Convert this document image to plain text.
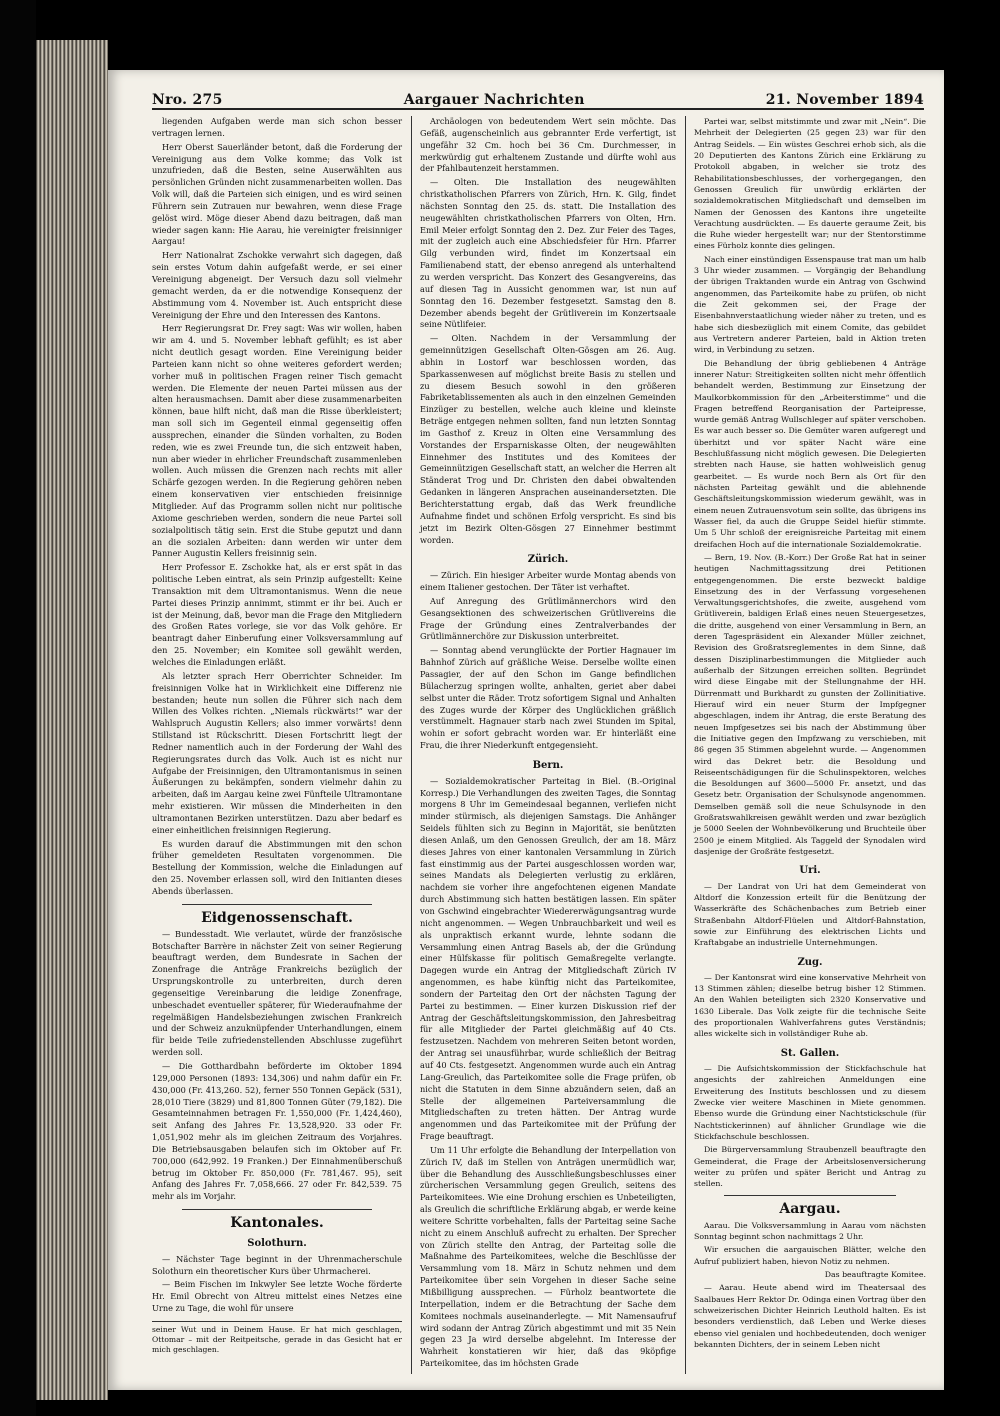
Nro. 275	Aargauer Nachrichten	21. November 1894

liegenden Aufgaben werde man sich schon besser vertragen lernen.

Herr Oberst Sauerländer betont, daß die Forderung der Vereinigung aus dem Volke komme; das Volk ist unzufrieden, daß die Besten, seine Auserwählten aus persönlichen Gründen nicht zusammenarbeiten wollen. Das Volk will, daß die Parteien sich einigen, und es wird seinen Führern sein Zutrauen nur bewahren, wenn diese Frage gelöst wird. Möge dieser Abend dazu beitragen, daß man wieder sagen kann: Hie Aarau, hie vereinigter freisinniger Aargau!

Herr Nationalrat Zschokke verwahrt sich dagegen, daß sein erstes Votum dahin aufgefaßt werde, er sei einer Vereinigung abgeneigt. Der Versuch dazu soll vielmehr gemacht werden, da er die notwendige Konsequenz der Abstimmung vom 4. November ist. Auch entspricht diese Vereinigung der Ehre und den Interessen des Kantons.

Herr Regierungsrat Dr. Frey sagt: Was wir wollen, haben wir am 4. und 5. November lebhaft gefühlt; es ist aber nicht deutlich gesagt worden. Eine Vereinigung beider Parteien kann nicht so ohne weiteres gefordert werden; vorher muß in politischen Fragen reiner Tisch gemacht werden. Die Elemente der neuen Partei müssen aus der alten herausmachsen. Damit aber diese zusammenarbeiten können, baue hilft nicht, daß man die Risse überkleistert; man soll sich im Gegenteil einmal gegenseitig offen aussprechen, einander die Sünden vorhalten, zu Boden reden, wie es zwei Freunde tun, die sich entzweit haben, nun aber wieder in ehrlicher Freundschaft zusammenleben wollen. Auch müssen die Grenzen nach rechts mit aller Schärfe gezogen werden. In die Regierung gehören neben einem konservativen vier entschieden freisinnige Mitglieder. Auf das Programm sollen nicht nur politische Axiome geschrieben werden, sondern die neue Partei soll sozialpolitisch tätig sein. Erst die Stube geputzt und dann an die sozialen Arbeiten: dann werden wir unter dem Panner Augustin Kellers freisinnig sein.

Herr Professor E. Zschokke hat, als er erst spät in das politische Leben eintrat, als sein Prinzip aufgestellt: Keine Transaktion mit dem Ultramontanismus. Wenn die neue Partei dieses Prinzip annimmt, stimmt er ihr bei. Auch er ist der Meinung, daß, bevor man die Frage den Mitgliedern des Großen Rates vorlege, sie vor das Volk gehöre. Er beantragt daher Einberufung einer Volksversammlung auf den 25. November; ein Komitee soll gewählt werden, welches die Einladungen erläßt.

Als letzter sprach Herr Oberrichter Schneider. Im freisinnigen Volke hat in Wirklichkeit eine Differenz nie bestanden; heute nun sollen die Führer sich nach dem Willen des Volkes richten. „Niemals rückwärts!“ war der Wahlspruch Augustin Kellers; also immer vorwärts! denn Stillstand ist Rückschritt. Diesen Fortschritt liegt der Redner namentlich auch in der Forderung der Wahl des Regierungsrates durch das Volk. Auch ist es nicht nur Aufgabe der Freisinnigen, den Ultramontanismus in seinen Äußerungen zu bekämpfen, sondern vielmehr dahin zu arbeiten, daß im Aargau keine zwei Fünfteile Ultramontane mehr existieren. Wir müssen die Minderheiten in den ultramontanen Bezirken unterstützen. Dazu aber bedarf es einer einheitlichen freisinnigen Regierung.

Es wurden darauf die Abstimmungen mit den schon früher gemeldeten Resultaten vorgenommen. Die Bestellung der Kommission, welche die Einladungen auf den 25. November erlassen soll, wird den Initianten dieses Abends überlassen.

Eidgenossenschaft.

— Bundesstadt. Wie verlautet, würde der französische Botschafter Barrère in nächster Zeit von seiner Regierung beauftragt werden, dem Bundesrate in Sachen der Zonenfrage die Anträge Frankreichs bezüglich der Ursprungskontrolle zu unterbreiten, durch deren gegenseitige Vereinbarung die leidige Zonenfrage, unbeschadet eventueller späterer, für Wiederaufnahme der regelmäßigen Handelsbeziehungen zwischen Frankreich und der Schweiz anzuknüpfender Unterhandlungen, einem für beide Teile zufriedenstellenden Abschlusse zugeführt werden soll.

— Die Gotthardbahn beförderte im Oktober 1894 129,000 Personen (1893: 134,306) und nahm dafür ein Fr. 430,000 (Fr. 413,260. 52), ferner 550 Tonnen Gepäck (531), 28,010 Tiere (3829) und 81,800 Tonnen Güter (79,182). Die Gesamteinnahmen betragen Fr. 1,550,000 (Fr. 1,424,460), seit Anfang des Jahres Fr. 13,528,920. 33 oder Fr. 1,051,902 mehr als im gleichen Zeitraum des Vorjahres. Die Betriebsausgaben belaufen sich im Oktober auf Fr. 700,000 (642,992. 19 Franken.) Der Einnahmenüberschuß betrug im Oktober Fr. 850,000 (Fr. 781,467. 95), seit Anfang des Jahres Fr. 7,058,666. 27 oder Fr. 842,539. 75 mehr als im Vorjahr.

Kantonales.
Solothurn.

— Nächster Tage beginnt in der Uhrenmacherschule Solothurn ein theoretischer Kurs über Uhrmacherei.

— Beim Fischen im Inkwyler See letzte Woche förderte Hr. Emil Obrecht von Altreu mittelst eines Netzes eine Urne zu Tage, die wohl für unsere

seiner Wut und in Deinem Hause. Er hat mich geschlagen, Ottomar – mit der Reitpeitsche, gerade in das Gesicht hat er mich geschlagen.

Archäologen von bedeutendem Wert sein möchte. Das Gefäß, augenscheinlich aus gebrannter Erde verfertigt, ist ungefähr 32 Cm. hoch bei 36 Cm. Durchmesser, in merkwürdig gut erhaltenem Zustande und dürfte wohl aus der Pfahlbautenzeit herstammen.

— Olten. Die Installation des neugewählten christkatholischen Pfarrers von Zürich, Hrn. K. Gilg, findet nächsten Sonntag den 25. ds. statt. Die Installation des neugewählten christkatholischen Pfarrers von Olten, Hrn. Emil Meier erfolgt Sonntag den 2. Dez. Zur Feier des Tages, mit der zugleich auch eine Abschiedsfeier für Hrn. Pfarrer Gilg verbunden wird, findet im Konzertsaal ein Familienabend statt, der ebenso anregend als unterhaltend zu werden verspricht. Das Konzert des Gesangvereins, das auf diesen Tag in Aussicht genommen war, ist nun auf Sonntag den 16. Dezember festgesetzt. Samstag den 8. Dezember abends begeht der Grütliverein im Konzertsaale seine Nütlifeier.

— Olten. Nachdem in der Versammlung der gemeinnützigen Gesellschaft Olten-Gösgen am 26. Aug. abhin in Lostorf war beschlossen worden, das Sparkassenwesen auf möglichst breite Basis zu stellen und zu diesem Besuch sowohl in den größeren Fabriketablissementen als auch in den einzelnen Gemeinden Einzüger zu bestellen, welche auch kleine und kleinste Beträge entgegen nehmen sollten, fand nun letzten Sonntag im Gasthof z. Kreuz in Olten eine Versammlung des Vorstandes der Ersparniskasse Olten, der neugewählten Einnehmer des Institutes und des Komitees der Gemeinnützigen Gesellschaft statt, an welcher die Herren alt Ständerat Trog und Dr. Christen den dabei obwaltenden Gedanken in längeren Ansprachen auseinandersetzten. Die Berichterstattung ergab, daß das Werk freundliche Aufnahme findet und schönen Erfolg verspricht. Es sind bis jetzt im Bezirk Olten-Gösgen 27 Einnehmer bestimmt worden.

Zürich.

— Zürich. Ein hiesiger Arbeiter wurde Montag abends von einem Italiener gestochen. Der Täter ist verhaftet.

Auf Anregung des Grütlimännerchors wird den Gesangsektionen des schweizerischen Grütlivereins die Frage der Gründung eines Zentralverbandes der Grütlimännerchöre zur Diskussion unterbreitet.

— Sonntag abend verunglückte der Portier Hagnauer im Bahnhof Zürich auf gräßliche Weise. Derselbe wollte einen Passagier, der auf den Schon im Gange befindlichen Bülacherzug springen wollte, anhalten, geriet aber dabei selbst unter die Räder. Trotz sofortigem Signal und Anhalten des Zuges wurde der Körper des Unglücklichen gräßlich verstümmelt. Hagnauer starb nach zwei Stunden im Spital, wohin er sofort gebracht worden war. Er hinterläßt eine Frau, die ihrer Niederkunft entgegensieht.

Bern.

— Sozialdemokratischer Parteitag in Biel. (B.-Original Korresp.) Die Verhandlungen des zweiten Tages, die Sonntag morgens 8 Uhr im Gemeindesaal begannen, verliefen nicht minder stürmisch, als diejenigen Samstags. Die Anhänger Seidels fühlten sich zu Beginn in Majorität, sie benützten diesen Anlaß, um den Genossen Greulich, der am 18. März dieses Jahres von einer kantonalen Versammlung in Zürich fast einstimmig aus der Partei ausgeschlossen worden war, seines Mandats als Delegierten verlustig zu erklären, nachdem sie vorher ihre angefochtenen eigenen Mandate durch Abstimmung sich hatten bestätigen lassen. Ein später von Gschwind eingebrachter Wiedererwägungsantrag wurde nicht angenommen. — Wegen Unbrauchbarkeit und weil es als unpraktisch erkannt wurde, lehnte sodann die Versammlung einen Antrag Basels ab, der die Gründung einer Hülfskasse für politisch Gemaßregelte verlangte. Dagegen wurde ein Antrag der Mitgliedschaft Zürich IV angenommen, es habe künftig nicht das Parteikomitee, sondern der Parteitag den Ort der nächsten Tagung der Partei zu bestimmen. — Einer kurzen Diskussion rief der Antrag der Geschäftsleitungskommission, den Jahresbeitrag für alle Mitglieder der Partei gleichmäßig auf 40 Cts. festzusetzen. Nachdem von mehreren Seiten betont worden, der Antrag sei unausführbar, wurde schließlich der Beitrag auf 40 Cts. festgesetzt. Angenommen wurde auch ein Antrag Lang-Greulich, das Parteikomitee solle die Frage prüfen, ob nicht die Statuten in dem Sinne abzuändern seien, daß an Stelle der allgemeinen Parteiversammlung die Mitgliedschaften zu treten hätten. Der Antrag wurde angenommen und das Parteikomitee mit der Prüfung der Frage beauftragt.

Um 11 Uhr erfolgte die Behandlung der Interpellation von Zürich IV, daß im Stellen von Anträgen unermüdlich war, über die Behandlung des Ausschließungsbeschlusses einer zürcherischen Versammlung gegen Greulich, seitens des Parteikomitees. Wie eine Drohung erschien es Unbeteiligten, als Greulich die schriftliche Erklärung abgab, er werde keine weitere Schritte vorbehalten, falls der Parteitag seine Sache nicht zu einem Anschluß aufrecht zu erhalten. Der Sprecher von Zürich stellte den Antrag, der Parteitag solle die Maßnahme des Parteikomitees, welche die Beschlüsse der Versammlung vom 18. März in Schutz nehmen und dem Parteikomitee über sein Vorgehen in dieser Sache seine Mißbilligung aussprechen. — Fürholz beantwortete die Interpellation, indem er die Betrachtung der Sache dem Komitees nochmals auseinanderlegte. — Mit Namensaufruf wird sodann der Antrag Zürich abgestimmt und mit 35 Nein gegen 23 Ja wird derselbe abgelehnt. Im Interesse der Wahrheit konstatieren wir hier, daß das 9köpfige Parteikomitee, das im höchsten Grade

Partei war, selbst mitstimmte und zwar mit „Nein“. Die Mehrheit der Delegierten (25 gegen 23) war für den Antrag Seidels. — Ein wüstes Geschrei erhob sich, als die 20 Deputierten des Kantons Zürich eine Erklärung zu Protokoll abgaben, in welcher sie trotz des Rehabilitationsbeschlusses, der vorhergegangen, den Genossen Greulich für unwürdig erklärten der sozialdemokratischen Mitgliedschaft und demselben im Namen der Genossen des Kantons ihre ungeteilte Verachtung ausdrückten. — Es dauerte geraume Zeit, bis die Ruhe wieder hergestellt war; nur der Stentorstimme eines Fürholz konnte dies gelingen.

Nach einer einstündigen Essenspause trat man um halb 3 Uhr wieder zusammen. — Vorgängig der Behandlung der übrigen Traktanden wurde ein Antrag von Gschwind angenommen, das Parteikomite habe zu prüfen, ob nicht die Zeit gekommen sei, der Frage der Eisenbahnverstaatlichung wieder näher zu treten, und es habe sich diesbezüglich mit einem Comite, das gebildet aus Vertretern anderer Parteien, bald in Aktion treten wird, in Verbindung zu setzen.

Die Behandlung der übrig gebliebenen 4 Anträge innerer Natur: Streitigkeiten sollten nicht mehr öffentlich behandelt werden, Bestimmung zur Einsetzung der Maulkorbkommission für den „Arbeiterstimme“ und die Fragen betreffend Reorganisation der Parteipresse, wurde gemäß Antrag Wullschleger auf später verschoben. Es war auch besser so. Die Gemüter waren aufgeregt und überhitzt und vor später Nacht wäre eine Beschlußfassung nicht möglich gewesen. Die Delegierten strebten nach Hause, sie hatten wohlweislich genug gearbeitet. — Es wurde noch Bern als Ort für den nächsten Parteitag gewählt und die ablehnende Geschäftsleitungskommission wiederum gewählt, was in einem neuen Zutrauensvotum sein sollte, das übrigens ins Wasser fiel, da auch die Gruppe Seidel hiefür stimmte. Um 5 Uhr schloß der ereignisreiche Parteitag mit einem dreifachen Hoch auf die internationale Sozialdemokratie.

— Bern, 19. Nov. (B.-Korr.) Der Große Rat hat in seiner heutigen Nachmittagssitzung drei Petitionen entgegengenommen. Die erste bezweckt baldige Einsetzung des in der Verfassung vorgesehenen Verwaltungsgerichtshofes, die zweite, ausgehend vom Grütliverein, baldigen Erlaß eines neuen Steuergesetzes, die dritte, ausgehend von einer Versammlung in Bern, an deren Tagespräsident ein Alexander Müller zeichnet, Revision des Großratsreglementes in dem Sinne, daß dessen Disziplinarbestimmungen die Mitglieder auch außerhalb der Sitzungen erreichen sollten. Begründet wird diese Eingabe mit der Stellungnahme der HH. Dürrenmatt und Burkhardt zu gunsten der Zollinitiative. Hierauf wird ein neuer Sturm der Impfgegner abgeschlagen, indem ihr Antrag, die erste Beratung des neuen Impfgesetzes sei bis nach der Abstimmung über die Initiative gegen den Impfzwang zu verschieben, mit 86 gegen 35 Stimmen abgelehnt wurde. — Angenommen wird das Dekret betr. die Besoldung und Reiseentschädigungen für die Schulinspektoren, welches die Besoldungen auf 3600—5000 Fr. ansetzt, und das Gesetz betr. Organisation der Schulsynode angenommen. Demselben gemäß soll die neue Schulsynode in den Großratswahlkreisen gewählt werden und zwar bezüglich je 5000 Seelen der Wohnbevölkerung und Bruchteile über 2500 je einem Mitglied. Als Taggeld der Synodalen wird dasjenige der Großräte festgesetzt.

Uri.

— Der Landrat von Uri hat dem Gemeinderat von Altdorf die Konzession erteilt für die Benützung der Wasserkräfte des Schächenbaches zum Betrieb einer Straßenbahn Altdorf-Flüelen und Altdorf-Bahnstation, sowie zur Einführung des elektrischen Lichts und Kraftabgabe an industrielle Unternehmungen.

Zug.

— Der Kantonsrat wird eine konservative Mehrheit von 13 Stimmen zählen; dieselbe betrug bisher 12 Stimmen. An den Wahlen beteiligten sich 2320 Konservative und 1630 Liberale. Das Volk zeigte für die technische Seite des proportionalen Wahlverfahrens gutes Verständnis; alles wickelte sich in vollständiger Ruhe ab.

St. Gallen.

— Die Aufsichtskommission der Stickfachschule hat angesichts der zahlreichen Anmeldungen eine Erweiterung des Instituts beschlossen und zu diesem Zwecke vier weitere Maschinen in Miete genommen. Ebenso wurde die Gründung einer Nachtstickschule (für Nachtstickerinnen) auf ähnlicher Grundlage wie die Stickfachschule beschlossen.

Die Bürgerversammlung Straubenzell beauftragte den Gemeinderat, die Frage der Arbeitslosenversicherung weiter zu prüfen und später Bericht und Antrag zu stellen.

Aargau.

Aarau. Die Volksversammlung in Aarau vom nächsten Sonntag beginnt schon nachmittags 2 Uhr.

Wir ersuchen die aargauischen Blätter, welche den Aufruf publiziert haben, hievon Notiz zu nehmen.

Das beauftragte Komitee.

— Aarau. Heute abend wird im Theatersaal des Saalbaues Herr Rektor Dr. Odinga einen Vortrag über den schweizerischen Dichter Heinrich Leuthold halten. Es ist besonders verdienstlich, daß Leben und Werke dieses ebenso viel genialen und hochbedeutenden, doch weniger bekannten Dichters, der in seinem Leben nicht
